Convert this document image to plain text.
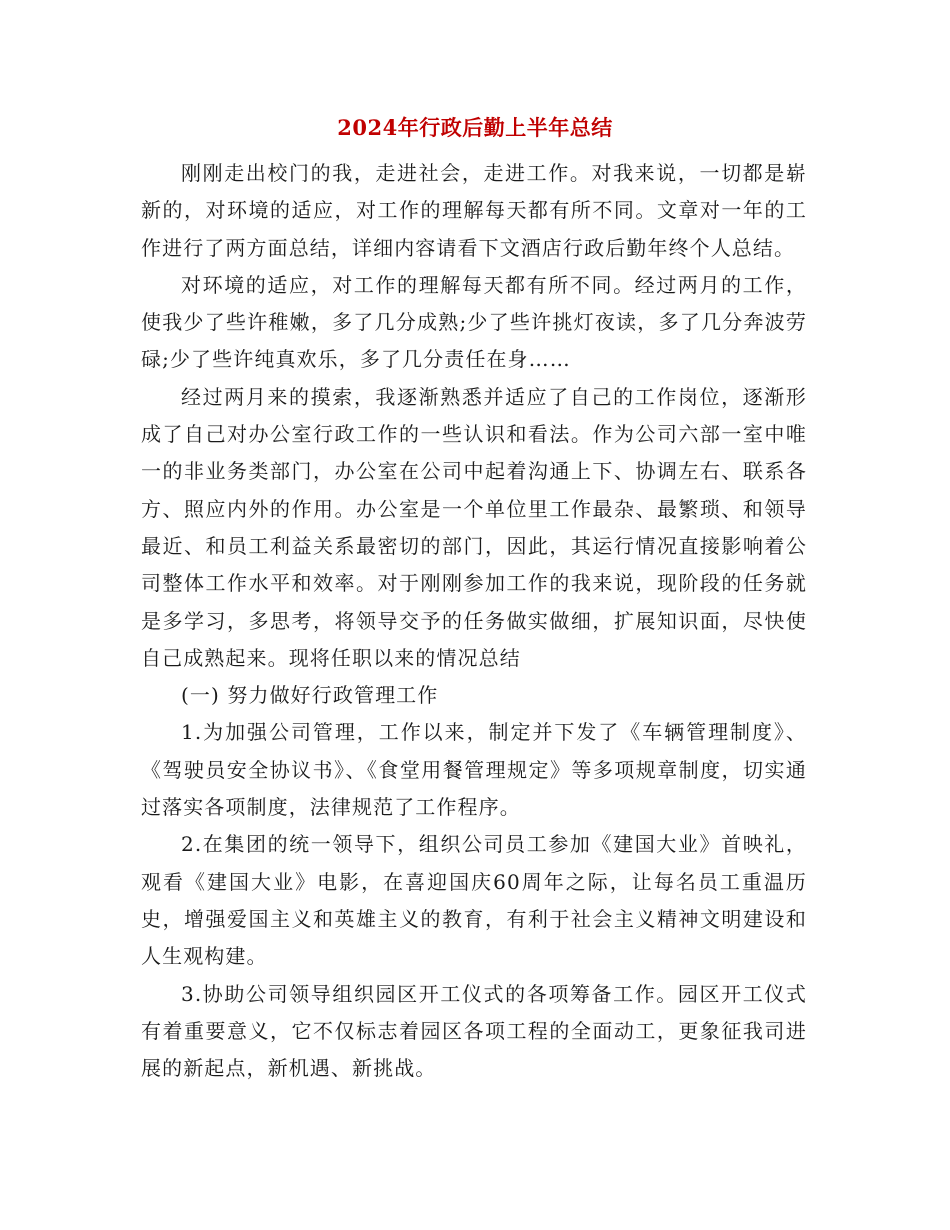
2024年行政后勤上半年总结

刚刚走出校门的我，走进社会，走进工作。对我来说，一切都是崭新的，对环境的适应，对工作的理解每天都有所不同。文章对一年的工作进行了两方面总结，详细内容请看下文酒店行政后勤年终个人总结。

对环境的适应，对工作的理解每天都有所不同。经过两月的工作，使我少了些许稚嫩，多了几分成熟;少了些许挑灯夜读，多了几分奔波劳碌;少了些许纯真欢乐，多了几分责任在身……

经过两月来的摸索，我逐渐熟悉并适应了自己的工作岗位，逐渐形成了自己对办公室行政工作的一些认识和看法。作为公司六部一室中唯一的非业务类部门，办公室在公司中起着沟通上下、协调左右、联系各方、照应内外的作用。办公室是一个单位里工作最杂、最繁琐、和领导最近、和员工利益关系最密切的部门，因此，其运行情况直接影响着公司整体工作水平和效率。对于刚刚参加工作的我来说，现阶段的任务就是多学习，多思考，将领导交予的任务做实做细，扩展知识面，尽快使自己成熟起来。现将任职以来的情况总结

(一) 努力做好行政管理工作

1.为加强公司管理，工作以来，制定并下发了《车辆管理制度》、《驾驶员安全协议书》、《食堂用餐管理规定》等多项规章制度，切实通过落实各项制度，法律规范了工作程序。

2.在集团的统一领导下，组织公司员工参加《建国大业》首映礼，观看《建国大业》电影，在喜迎国庆60周年之际，让每名员工重温历史，增强爱国主义和英雄主义的教育，有利于社会主义精神文明建设和人生观构建。

3.协助公司领导组织园区开工仪式的各项筹备工作。园区开工仪式有着重要意义，它不仅标志着园区各项工程的全面动工，更象征我司进展的新起点，新机遇、新挑战。
